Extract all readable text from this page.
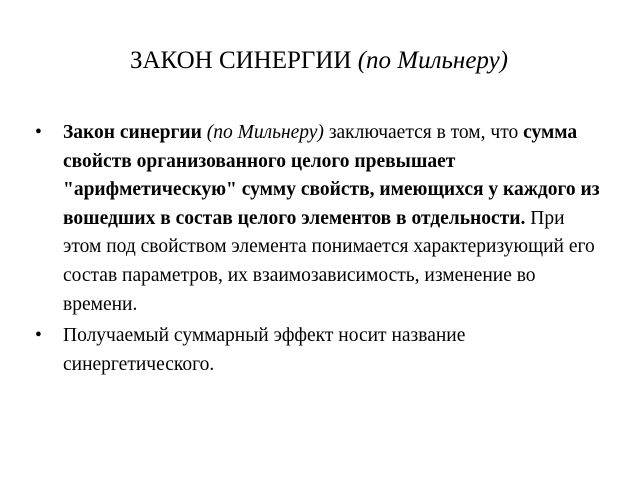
ЗАКОН СИНЕРГИИ (по Мильнеру)
• Закон синергии (по Мильнеру) заключается в том, что сумма свойств организованного целого превышает "арифметическую" сумму свойств, имеющихся у каждого из вошедших в состав целого элементов в отдельности. При этом под свойством элемента понимается характеризующий его состав параметров, их взаимозависимость, изменение во времени.
• Получаемый суммарный эффект носит название синергетического.
